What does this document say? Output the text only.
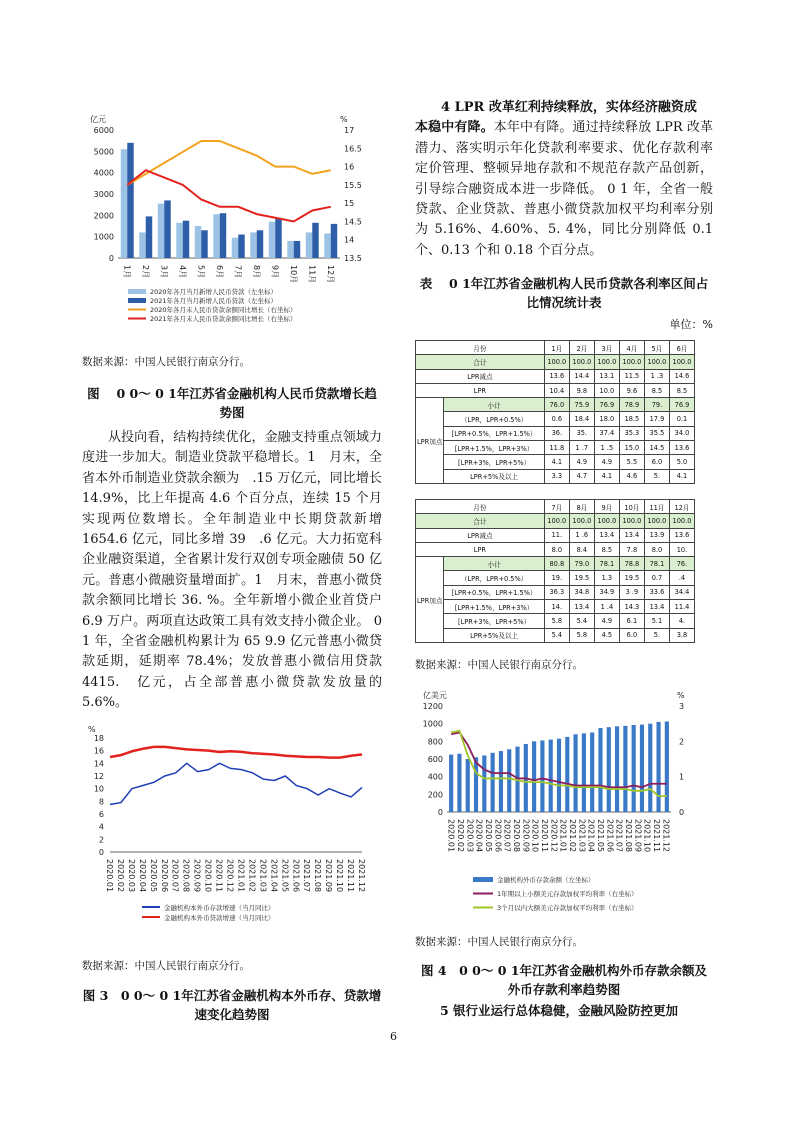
亿元	%
0
1000
2000
3000
4000
5000
6000
13.5
14
14.5
15
15.5
16
16.5
17
1月 2月 3月 4月 5月 6月 7月 8月 9月 10月 11月 12月
2020年各月当月新增人民币贷款（左坐标）
2021年各月当月新增人民币贷款（左坐标）
2020年各月末人民币贷款余额同比增长（右坐标）
2021年各月末人民币贷款余额同比增长（右坐标）
数据来源：中国人民银行南京分行。
图　 0 0～ 0 1年江苏省金融机构人民币贷款增长趋势图
从投向看，结构持续优化，金融支持重点领域力度进一步加大。制造业贷款平稳增长。1　月末，全省本外币制造业贷款余额为　.15 万亿元，同比增长 14.9%，比上年提高 4.6 个百分点，连续 15 个月实现两位数增长。全年制造业中长期贷款新增 1654.6 亿元，同比多增 39　.6 亿元。大力拓宽科企业融资渠道，全省累计发行双创专项金融债 50 亿元。普惠小微融资量增面扩。1　月末，普惠小微贷款余额同比增长 36. %。全年新增小微企业首贷户 6.9 万户。两项直达政策工具有效支持小微企业。 0 1 年，全省金融机构累计为 65 9.9 亿元普惠小微贷款延期，延期率 78.4%；发放普惠小微信用贷款 4415.　亿元，占全部普惠小微贷款发放量的　5.6%。
%
0
2
4
6
8
10
12
14
16
18
2020.01 2020.02 2020.03 2020.04 2020.05 2020.06 2020.07 2020.08 2020.09 2020.10 2020.11 2020.12 2021.01 2021.02 2021.03 2021.04 2021.05 2021.06 2021.07 2021.08 2021.09 2021.10 2021.11 2021.12
金融机构本外币存款增速（当月同比）
金融机构本外币贷款增速（当月同比）
数据来源：中国人民银行南京分行。
图 3　0 0～ 0 1年江苏省金融机构本外币存、贷款增速变化趋势图

4 LPR 改革红利持续释放，实体经济融资成

本稳中有降。本年中有降。通过持续释放 LPR 改革潜力、落实明示年化贷款利率要求、优化存款利率定价管理、整顿异地存款和不规范存款产品创新，引导综合融资成本进一步降低。 0 1 年，全省一般贷款、企业贷款、普惠小微贷款加权平均利率分别为 5.16%、4.60%、5. 4%，同比分别降低 0.1　个、0.13 个和 0.18 个百分点。

表　 0 1年江苏省金融机构人民币贷款各利率区间占比情况统计表
单位：%
月份		1月	2月	3月	4月	5月	6月
合计		100.0	100.0	100.0	100.0	100.0	100.0
LPR减点		13.6	14.4	13.1	11.5	1 .3	14.6
LPR		10.4	9.8	10.0	9.6	8.5	8.5
LPR加点	小计	76.0	75.9	76.9	78.9	79.	76.9
	（LPR，LPR+0.5%）	0.6	18.4	18.0	18.5	17.9	0.1
	[LPR+0.5%，LPR+1.5%）	36.	35.	37.4	35.3	35.5	34.0
	[LPR+1.5%，LPR+3%）	11.8	1 .7	1 .5	15.0	14.5	13.6
	[LPR+3%，LPR+5%）	4.1	4.9	4.9	5.5	6.0	5.0
	LPR+5%及以上	3.3	4.7	4.1	4.6	5.	4.1
月份		7月	8月	9月	10月	11月	12月
合计		100.0	100.0	100.0	100.0	100.0	100.0
LPR减点		11.	1 .6	13.4	13.4	13.9	13.6
LPR		8.0	8.4	8.5	7.8	8.0	10.
LPR加点	小计	80.8	79.0	78.1	78.8	78.1	76.
	（LPR，LPR+0.5%）	19.	19.5	1.3	19.5	0.7	.4
	[LPR+0.5%，LPR+1.5%）	36.3	34.8	34.9	3 .9	33.6	34.4
	[LPR+1.5%，LPR+3%）	14.	13.4	1 .4	14.3	13.4	11.4
	[LPR+3%，LPR+5%）	5.8	5.4	4.9	6.1	5.1	4.
	LPR+5%及以上	5.4	5.8	4.5	6.0	5.	3.8
数据来源：中国人民银行南京分行。
亿美元	%
0
200
400
600
800
1000
1200
0
1
2
3
2020.01 2020.02 2020.03 2020.04 2020.05 2020.06 2020.07 2020.08 2020.09 2020.10 2020.11 2020.12 2021.01 2021.02 2021.03 2021.04 2021.05 2021.06 2021.07 2021.08 2021.09 2021.10 2021.11 2021.12
金融机构外币存款余额（左坐标）
1年期以上小额美元存款加权平均利率（右坐标）
3个月以内大额美元存款加权平均利率（右坐标）
数据来源：中国人民银行南京分行。
图 4　0 0～ 0 1年江苏省金融机构外币存款余额及外币存款利率趋势图
5 银行业运行总体稳健，金融风险防控更加
6
